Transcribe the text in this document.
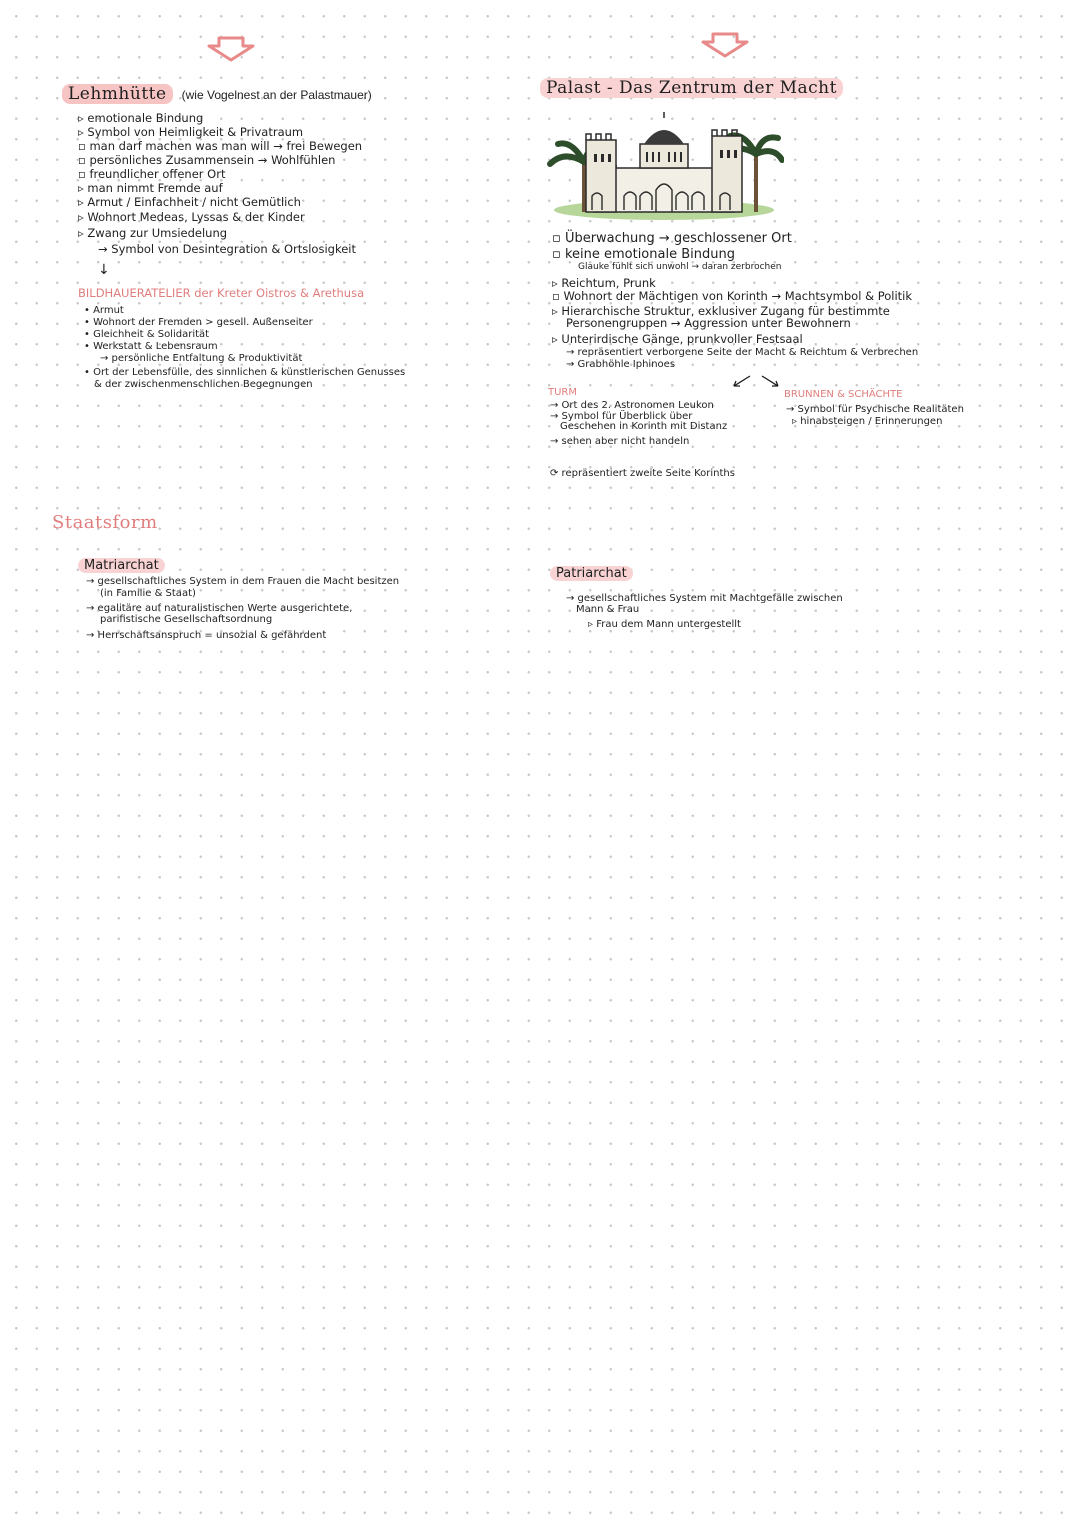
Lehmhütte (wie Vogelnest an der Palastmauer)
▹ emotionale Bindung
▹ Symbol von Heimligkeit & Privatraum
▫ man darf machen was man will → frei Bewegen
▫ persönliches Zusammensein → Wohlfühlen
▫ freundlicher offener Ort
▹ man nimmt Fremde auf
▹ Armut / Einfachheit / nicht Gemütlich
▹ Wohnort Medeas, Lyssas & der Kinder
▹ Zwang zur Umsiedelung
→ Symbol von Desintegration & Ortslosigkeit
↓
BILDHAUERATELIER der Kreter Oistros & Arethusa
• Armut
• Wohnort der Fremden > gesell. Außenseiter
• Gleichheit & Solidarität
• Werkstatt & Lebensraum
→ persönliche Entfaltung & Produktivität
• Ort der Lebensfülle, des sinnlichen & künstlerischen Genusses
& der zwischenmenschlichen Begegnungen
Palast - Das Zentrum der Macht
▫ Überwachung → geschlossener Ort
▫ keine emotionale Bindung
Glauke fühlt sich unwohl → daran zerbrochen
▹ Reichtum, Prunk
▫ Wohnort der Mächtigen von Korinth → Machtsymbol & Politik
▹ Hierarchische Struktur, exklusiver Zugang für bestimmte
Personengruppen → Aggression unter Bewohnern
▹ Unterirdische Gänge, prunkvoller Festsaal
→ repräsentiert verborgene Seite der Macht & Reichtum & Verbrechen
→ Grabhöhle Iphinoes
TURM
→ Ort des 2. Astronomen Leukon
→ Symbol für Überblick über
Geschehen in Korinth mit Distanz
→ sehen aber nicht handeln
BRUNNEN & SCHÄCHTE
→ Symbol für Psychische Realitäten
▹ hinabsteigen / Erinnerungen
⟳ repräsentiert zweite Seite Korinths
Staatsform
Matriarchat
→ gesellschaftliches System in dem Frauen die Macht besitzen
(in Familie & Staat)
→ egalitäre auf naturalistischen Werte ausgerichtete,
parifistische Gesellschaftsordnung
→ Herrschaftsanspruch = unsozial & gefährdent
Patriarchat
→ gesellschaftliches System mit Machtgefälle zwischen
Mann & Frau
▹ Frau dem Mann untergestellt
